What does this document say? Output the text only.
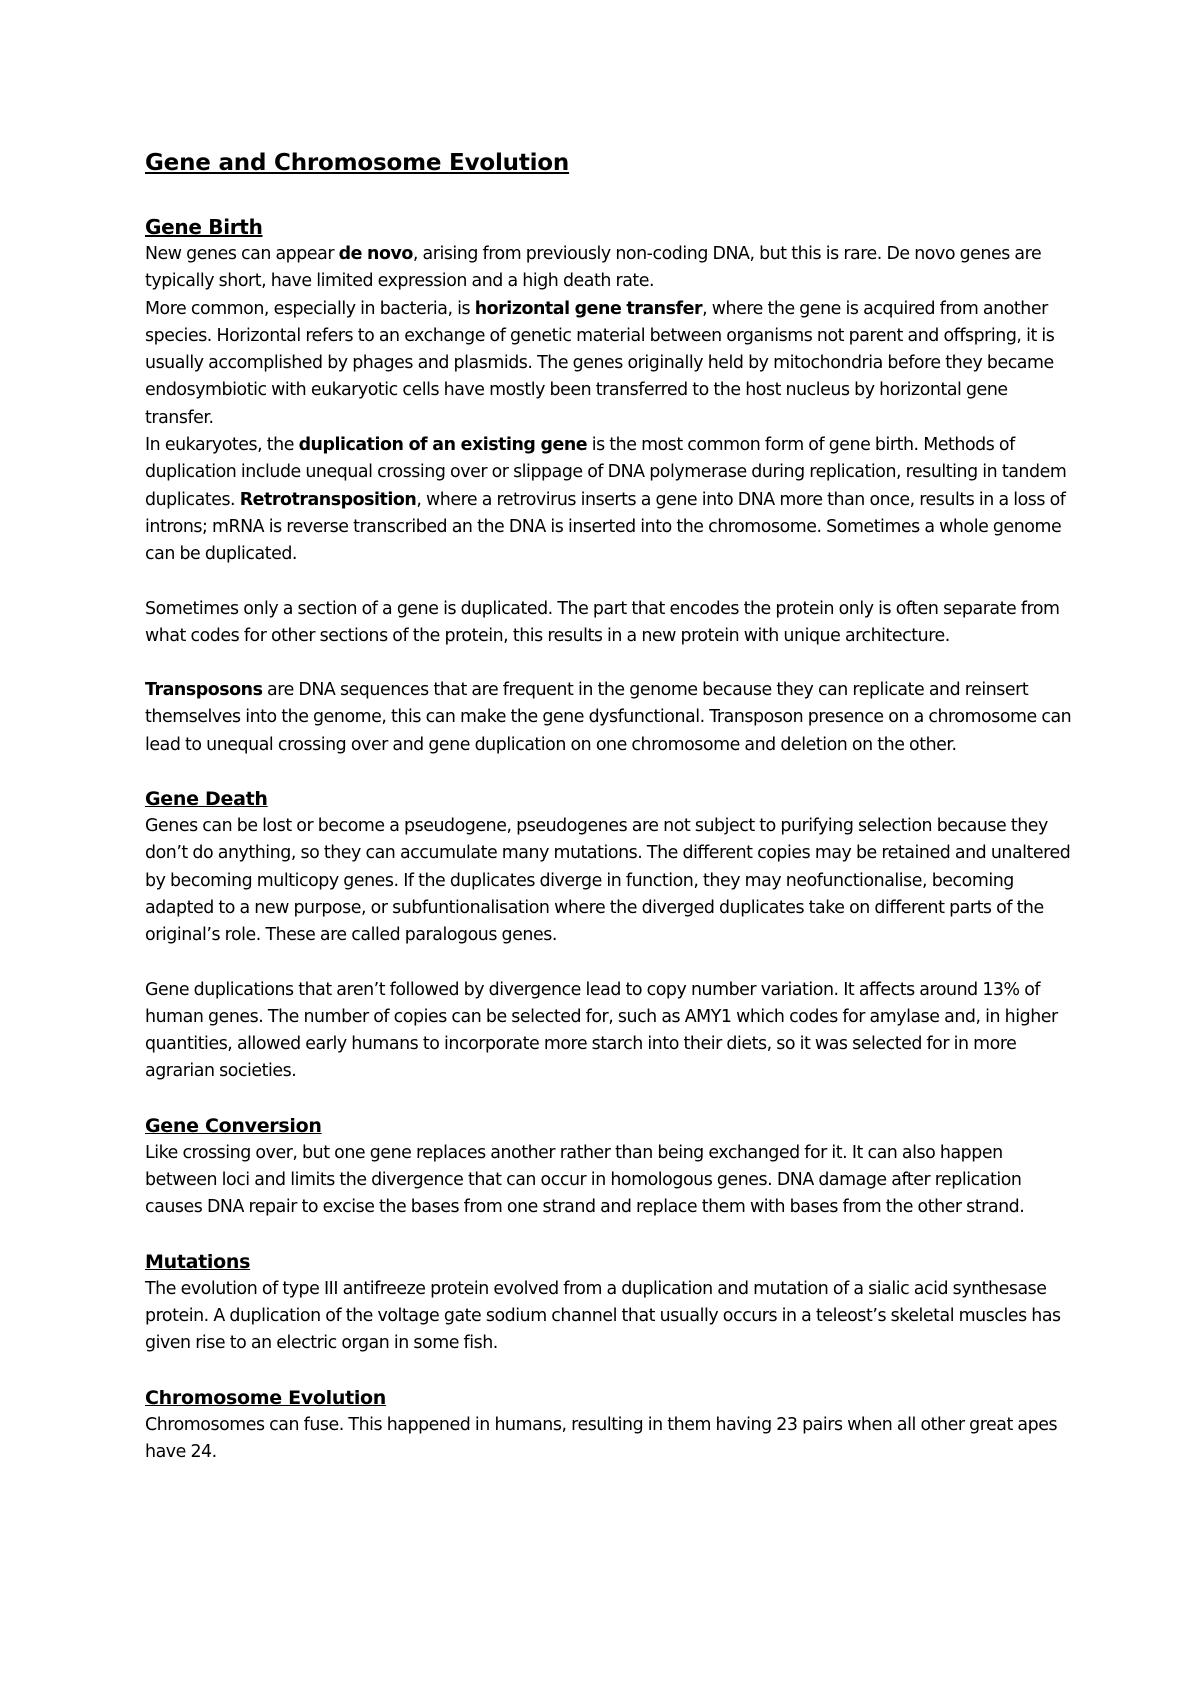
Gene and Chromosome Evolution
Gene Birth

New genes can appear de novo, arising from previously non-coding DNA, but this is rare. De novo genes are typically short, have limited expression and a high death rate.

More common, especially in bacteria, is horizontal gene transfer, where the gene is acquired from another species. Horizontal refers to an exchange of genetic material between organisms not parent and offspring, it is usually accomplished by phages and plasmids. The genes originally held by mitochondria before they became endosymbiotic with eukaryotic cells have mostly been transferred to the host nucleus by horizontal gene transfer.

In eukaryotes, the duplication of an existing gene is the most common form of gene birth. Methods of duplication include unequal crossing over or slippage of DNA polymerase during replication, resulting in tandem duplicates. Retrotransposition, where a retrovirus inserts a gene into DNA more than once, results in a loss of introns; mRNA is reverse transcribed an the DNA is inserted into the chromosome. Sometimes a whole genome can be duplicated.

Sometimes only a section of a gene is duplicated. The part that encodes the protein only is often separate from what codes for other sections of the protein, this results in a new protein with unique architecture.

Transposons are DNA sequences that are frequent in the genome because they can replicate and reinsert themselves into the genome, this can make the gene dysfunctional. Transposon presence on a chromosome can lead to unequal crossing over and gene duplication on one chromosome and deletion on the other.

Gene Death

Genes can be lost or become a pseudogene, pseudogenes are not subject to purifying selection because they don’t do anything, so they can accumulate many mutations. The different copies may be retained and unaltered by becoming multicopy genes. If the duplicates diverge in function, they may neofunctionalise, becoming adapted to a new purpose, or subfuntionalisation where the diverged duplicates take on different parts of the original’s role. These are called paralogous genes.

Gene duplications that aren’t followed by divergence lead to copy number variation. It affects around 13% of human genes. The number of copies can be selected for, such as AMY1 which codes for amylase and, in higher quantities, allowed early humans to incorporate more starch into their diets, so it was selected for in more agrarian societies.

Gene Conversion

Like crossing over, but one gene replaces another rather than being exchanged for it. It can also happen between loci and limits the divergence that can occur in homologous genes. DNA damage after replication causes DNA repair to excise the bases from one strand and replace them with bases from the other strand.

Mutations

The evolution of type III antifreeze protein evolved from a duplication and mutation of a sialic acid synthesase protein. A duplication of the voltage gate sodium channel that usually occurs in a teleost’s skeletal muscles has given rise to an electric organ in some fish.

Chromosome Evolution

Chromosomes can fuse. This happened in humans, resulting in them having 23 pairs when all other great apes have 24.
